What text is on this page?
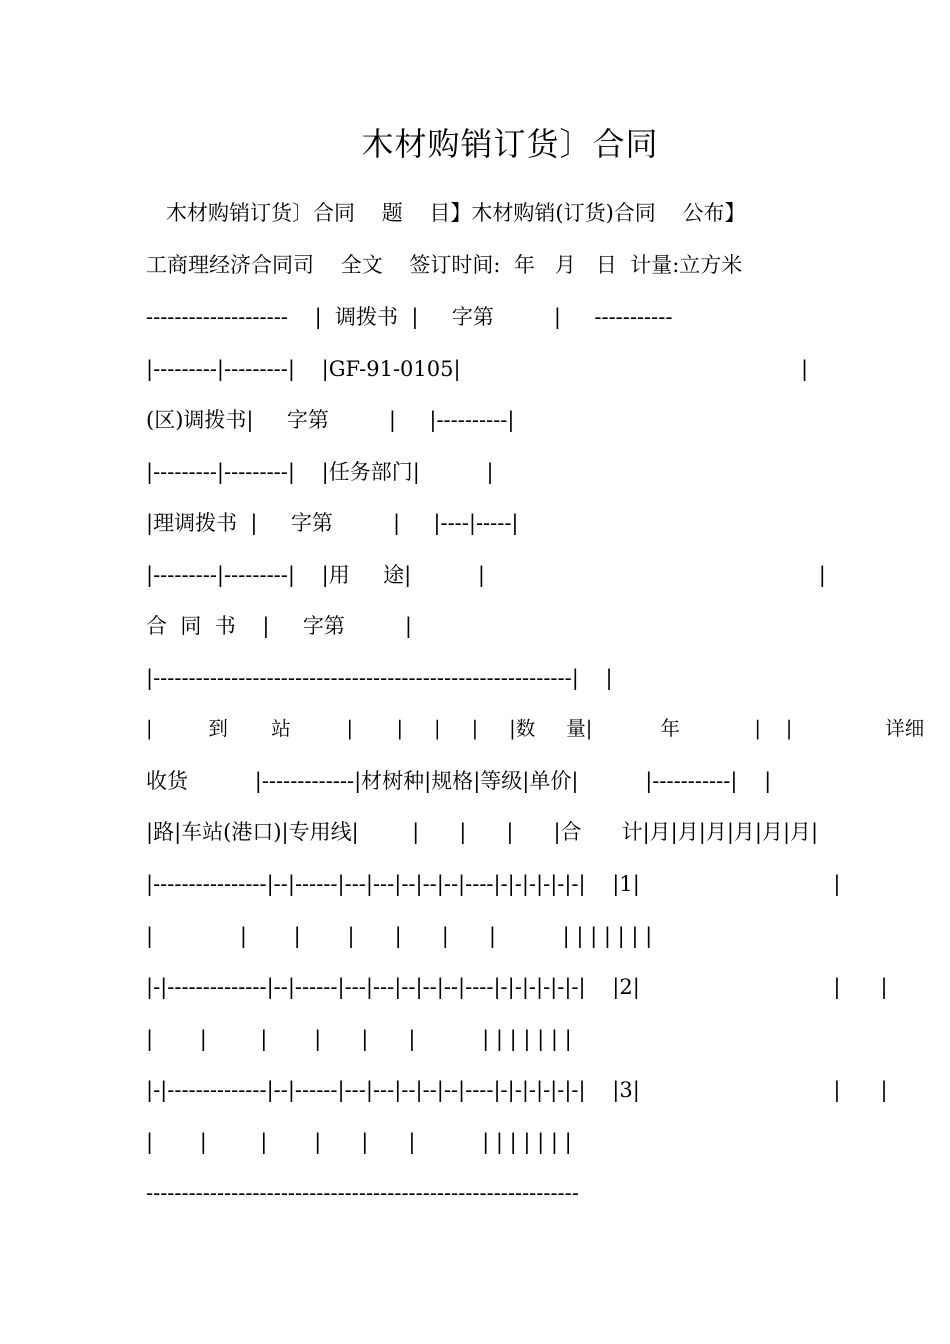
木材购销订货〕合同
木材购销订货〕合同    题    目】木材购销(订货)合同    公布】
工商理经济合同司    全文    签订时间:  年   月   日  计量:立方米
--------------------    |  调拨书  |     字第         |     -----------
|---------|---------|    |GF-91-0105|                                                   |
(区)调拨书|     字第         |     |----------|
|---------|---------|    |任务部门|          |
|理调拨书  |     字第         |     |----|-----|
|---------|---------|    |用     途|          |                                                  |
合  同  书    |     字第         |
|-----------------------------------------------------------|    |
|         到       站         |       |     |     |     |数     量|           年            |    |               详细
收货          |-------------|材树种|规格|等级|单价|          |-----------|    |
|路|车站(港口)|专用线|        |      |      |      |合      计|月|月|月|月|月|月|
|----------------|--|------|---|---|--|--|--|----|-|-|-|-|-|-|    |1|                             |
|             |       |       |      |      |      |          | | | | | | |
|-|--------------|--|------|---|---|--|--|--|----|-|-|-|-|-|-|    |2|                             |      |
|       |        |       |      |      |          | | | | | | |
|-|--------------|--|------|---|---|--|--|--|----|-|-|-|-|-|-|    |3|                             |      |
|       |        |       |      |      |          | | | | | | |
-------------------------------------------------------------
